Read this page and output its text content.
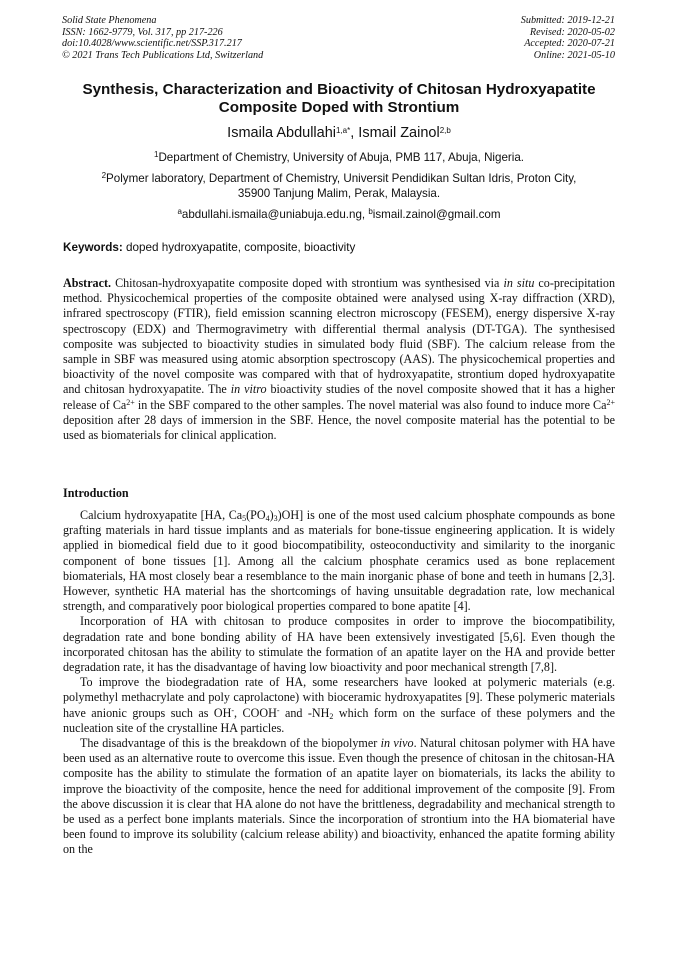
Solid State Phenomena
ISSN: 1662-9779, Vol. 317, pp 217-226
doi:10.4028/www.scientific.net/SSP.317.217
© 2021 Trans Tech Publications Ltd, Switzerland
Submitted: 2019-12-21
Revised: 2020-05-02
Accepted: 2020-07-21
Online: 2021-05-10
Synthesis, Characterization and Bioactivity of Chitosan Hydroxyapatite
Composite Doped with Strontium
Ismaila Abdullahi$^{1,a*}$, Ismail Zainol$^{2,b}$
$^1$Department of Chemistry, University of Abuja, PMB 117, Abuja, Nigeria.
$^2$Polymer laboratory, Department of Chemistry, Universit Pendidikan Sultan Idris, Proton City,
35900 Tanjung Malim, Perak, Malaysia.
$^a$abdullahi.ismaila@uniabuja.edu.ng, $^b$ismail.zainol@gmail.com
Keywords: doped hydroxyapatite, composite, bioactivity

Abstract. Chitosan-hydroxyapatite composite doped with strontium was synthesised via in situ co-precipitation method. Physicochemical properties of the composite obtained were analysed using X-ray diffraction (XRD), infrared spectroscopy (FTIR), field emission scanning electron microscopy (FESEM), energy dispersive X-ray spectroscopy (EDX) and Thermogravimetry with differential thermal analysis (DT-TGA). The synthesised composite was subjected to bioactivity studies in simulated body fluid (SBF). The calcium release from the sample in SBF was measured using atomic absorption spectroscopy (AAS). The physicochemical properties and bioactivity of the novel composite was compared with that of hydroxyapatite, strontium doped hydroxyapatite and chitosan hydroxyapatite. The in vitro bioactivity studies of the novel composite showed that it has a higher release of $Ca^{2+}$ in the SBF compared to the other samples. The novel material was also found to induce more $Ca^{2+}$ deposition after 28 days of immersion in the SBF. Hence, the novel composite material has the potential to be used as biomaterials for clinical application.

Introduction

Calcium hydroxyapatite [HA, $Ca_5(PO_4)_3)OH$] is one of the most used calcium phosphate compounds as bone grafting materials in hard tissue implants and as materials for bone-tissue engineering application. It is widely applied in biomedical field due to it good biocompatibility, osteoconductivity and similarity to the inorganic component of bone tissues [1]. Among all the calcium phosphate ceramics used as bone replacement biomaterials, HA most closely bear a resemblance to the main inorganic phase of bone and teeth in humans [2,3]. However, synthetic HA material has the shortcomings of having unsuitable degradation rate, low mechanical strength, and comparatively poor biological properties compared to bone apatite [4].

Incorporation of HA with chitosan to produce composites in order to improve the biocompatibility, degradation rate and bone bonding ability of HA have been extensively investigated [5,6]. Even though the incorporated chitosan has the ability to stimulate the formation of an apatite layer on the HA and provide better degradation rate, it has the disadvantage of having low bioactivity and poor mechanical strength [7,8].

To improve the biodegradation rate of HA, some researchers have looked at polymeric materials (e.g. polymethyl methacrylate and poly caprolactone) with bioceramic hydroxyapatites [9]. These polymeric materials have anionic groups such as OH-, COOH- and $-NH_2$ which form on the surface of these polymers and the nucleation site of the crystalline HA particles.

The disadvantage of this is the breakdown of the biopolymer in vivo. Natural chitosan polymer with HA have been used as an alternative route to overcome this issue. Even though the presence of chitosan in the chitosan-HA composite has the ability to stimulate the formation of an apatite layer on biomaterials, its lacks the ability to improve the bioactivity of the composite, hence the need for additional improvement of the composite [9]. From the above discussion it is clear that HA alone do not have the brittleness, degradability and mechanical strength to be used as a perfect bone implants materials. Since the incorporation of strontium into the HA biomaterial have been found to improve its solubility (calcium release ability) and bioactivity, enhanced the apatite forming ability on the
